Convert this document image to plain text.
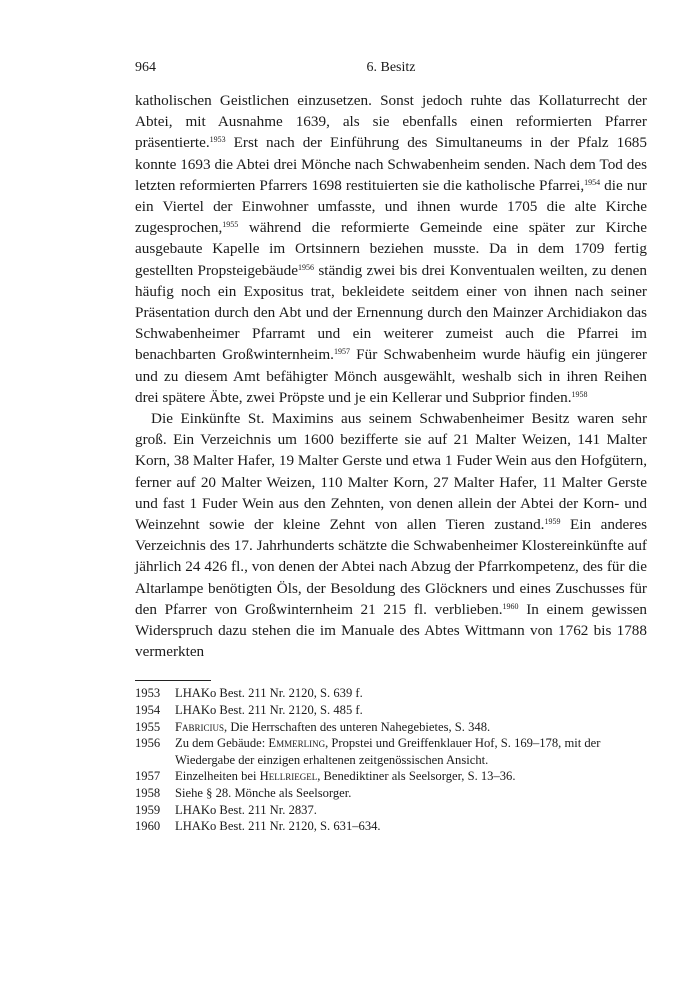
964	6. Besitz

katholischen Geistlichen einzusetzen. Sonst jedoch ruhte das Kollaturrecht der Abtei, mit Ausnahme 1639, als sie ebenfalls einen reformierten Pfarrer präsentierte.$^{1953}$ Erst nach der Einführung des Simultaneums in der Pfalz 1685 konnte 1693 die Abtei drei Mönche nach Schwabenheim senden. Nach dem Tod des letzten reformierten Pfarrers 1698 restituierten sie die katholische Pfarrei,$^{1954}$ die nur ein Viertel der Einwohner umfasste, und ihnen wurde 1705 die alte Kirche zugesprochen,$^{1955}$ während die reformierte Gemeinde eine später zur Kirche ausgebaute Kapelle im Ortsinnern beziehen musste. Da in dem 1709 fertig gestellten Propsteigebäude$^{1956}$ ständig zwei bis drei Konventualen weilten, zu denen häufig noch ein Expositus trat, bekleidete seitdem einer von ihnen nach seiner Präsentation durch den Abt und der Ernennung durch den Mainzer Archidiakon das Schwabenheimer Pfarramt und ein weiterer zumeist auch die Pfarrei im benachbarten Großwinternheim.$^{1957}$ Für Schwabenheim wurde häufig ein jüngerer und zu diesem Amt befähigter Mönch ausgewählt, weshalb sich in ihren Reihen drei spätere Äbte, zwei Pröpste und je ein Kellerar und Subprior finden.$^{1958}$

Die Einkünfte St. Maximins aus seinem Schwabenheimer Besitz waren sehr groß. Ein Verzeichnis um 1600 bezifferte sie auf 21 Malter Weizen, 141 Malter Korn, 38 Malter Hafer, 19 Malter Gerste und etwa 1 Fuder Wein aus den Hofgütern, ferner auf 20 Malter Weizen, 110 Malter Korn, 27 Malter Hafer, 11 Malter Gerste und fast 1 Fuder Wein aus den Zehnten, von denen allein der Abtei der Korn- und Weinzehnt sowie der kleine Zehnt von allen Tieren zustand.$^{1959}$ Ein anderes Verzeichnis des 17. Jahrhunderts schätzte die Schwabenheimer Klostereinkünfte auf jährlich 24 426 fl., von denen der Abtei nach Abzug der Pfarrkompetenz, des für die Altarlampe benötigten Öls, der Besoldung des Glöckners und eines Zuschusses für den Pfarrer von Großwinternheim 21 215 fl. verblieben.$^{1960}$ In einem gewissen Widerspruch dazu stehen die im Manuale des Abtes Wittmann von 1762 bis 1788 vermerkten

1953	LHAKo Best. 211 Nr. 2120, S. 639 f.
1954	LHAKo Best. 211 Nr. 2120, S. 485 f.
1955	Fabricius, Die Herrschaften des unteren Nahegebietes, S. 348.
1956	Zu dem Gebäude: Emmerling, Propstei und Greiffenklauer Hof, S. 169–178, mit der Wiedergabe der einzigen erhaltenen zeitgenössischen Ansicht.
1957	Einzelheiten bei Hellriegel, Benediktiner als Seelsorger, S. 13–36.
1958	Siehe § 28. Mönche als Seelsorger.
1959	LHAKo Best. 211 Nr. 2837.
1960	LHAKo Best. 211 Nr. 2120, S. 631–634.
